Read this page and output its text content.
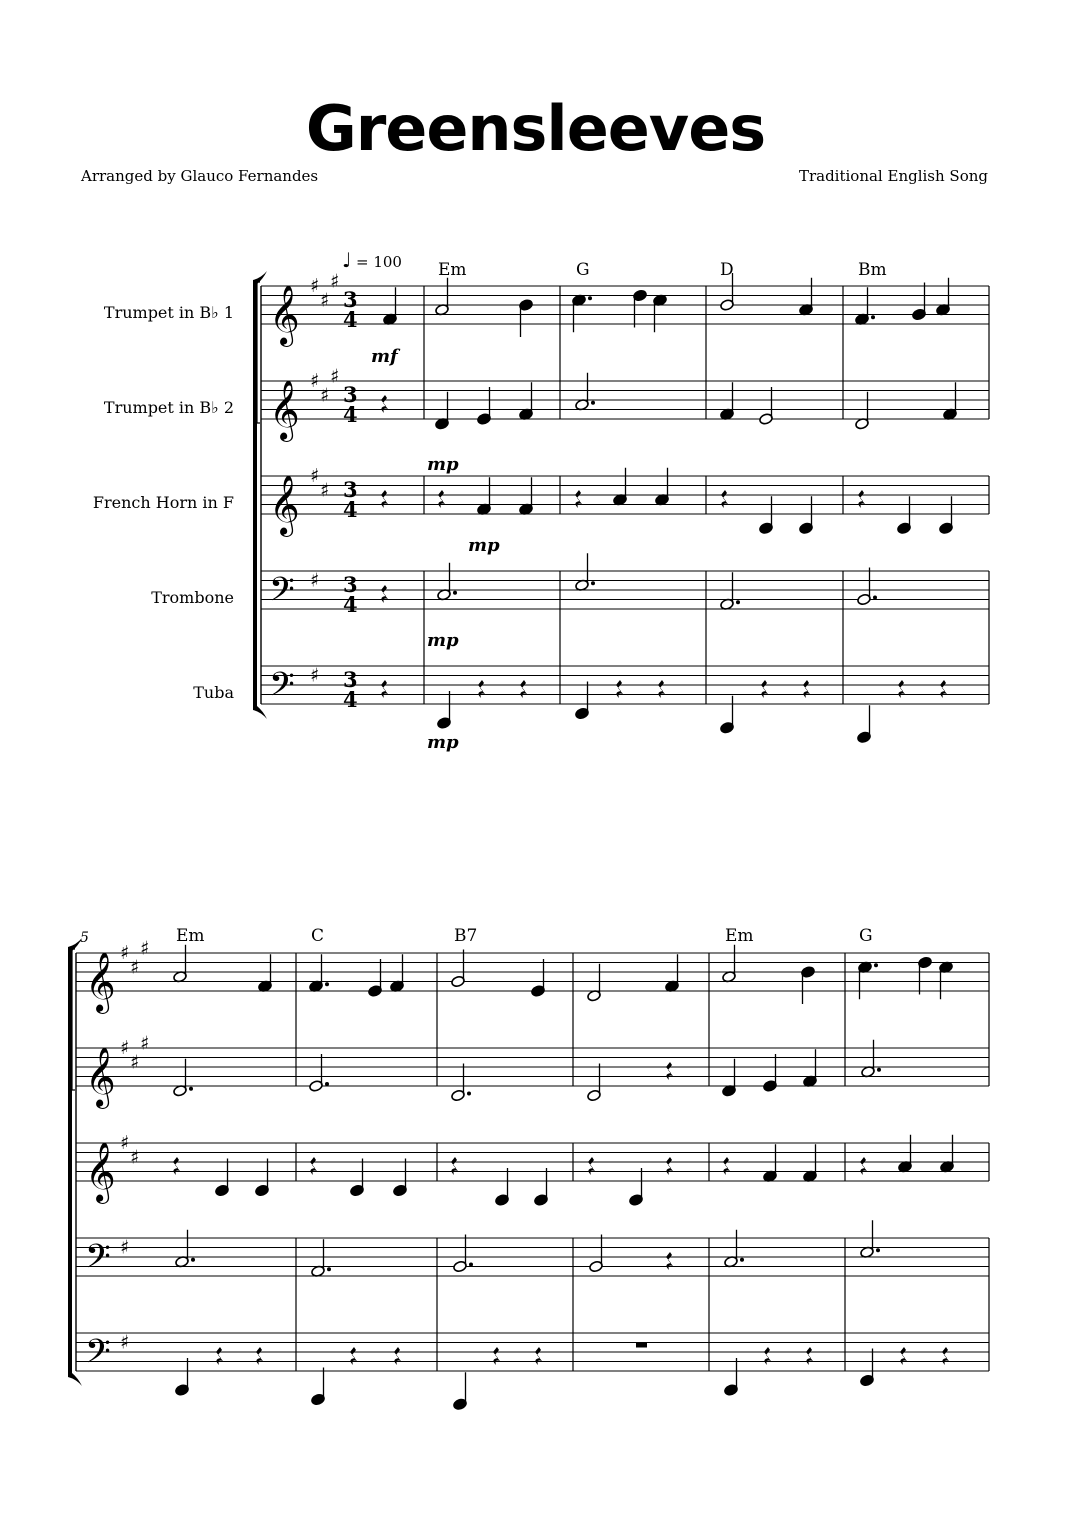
Greensleeves
Arranged by Glauco Fernandes	Traditional English Song
𝄞
𝄞
𝄞
𝄢
𝄢
𝄞
𝄞
𝄞
𝄢
𝄢
♯
♯
♯
♯
♯
♯
♯
♯
♯
♯
♯
♯
♯
♯
♯
♯
♯
♯
♯
♯
♩ = 100
Trumpet in B♭ 1
Trumpet in B♭ 2
French Horn in F
Trombone
Tuba
Em	G	D	Bm
5	Em	C	B7	Em	G
mf
mp
mp
mp
mp
3
4
3
4
3
4
3
4
3
4
